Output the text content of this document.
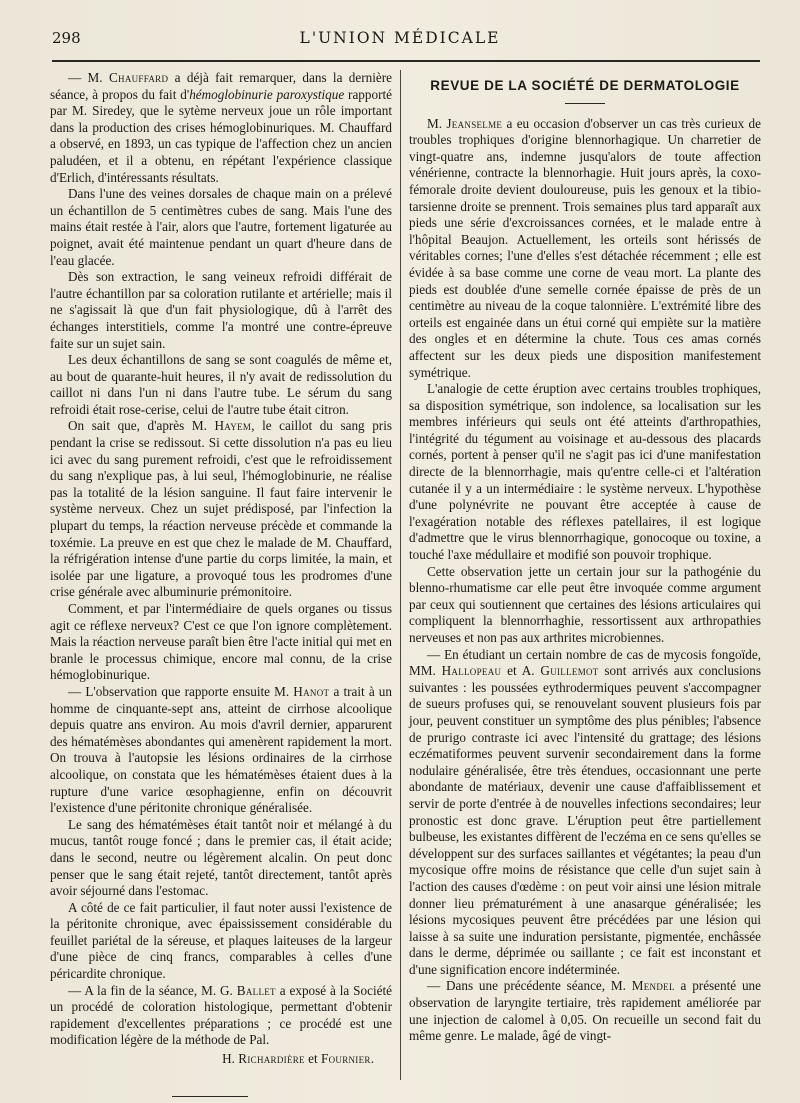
298	L'UNION MÉDICALE

— M. Chauffard a déjà fait remarquer, dans la dernière séance, à propos du fait d'hémoglobinurie paroxystique rapporté par M. Siredey, que le sytème nerveux joue un rôle important dans la production des crises hémoglobinuriques. M. Chauffard a observé, en 1893, un cas typique de l'affection chez un ancien paludéen, et il a obtenu, en répétant l'expérience classique d'Erlich, d'intéressants résultats.

Dans l'une des veines dorsales de chaque main on a prélevé un échantillon de 5 centimètres cubes de sang. Mais l'une des mains était restée à l'air, alors que l'autre, fortement ligaturée au poignet, avait été maintenue pendant un quart d'heure dans de l'eau glacée.

Dès son extraction, le sang veineux refroidi différait de l'autre échantillon par sa coloration rutilante et artérielle; mais il ne s'agissait là que d'un fait physiologique, dû à l'arrêt des échanges interstitiels, comme l'a montré une contre-épreuve faite sur un sujet sain.

Les deux échantillons de sang se sont coagulés de même et, au bout de quarante-huit heures, il n'y avait de redissolution du caillot ni dans l'un ni dans l'autre tube. Le sérum du sang refroidi était rose-cerise, celui de l'autre tube était citron.

On sait que, d'après M. Hayem, le caillot du sang pris pendant la crise se redissout. Si cette dissolution n'a pas eu lieu ici avec du sang purement refroidi, c'est que le refroidissement du sang n'explique pas, à lui seul, l'hémoglobinurie, ne réalise pas la totalité de la lésion sanguine. Il faut faire intervenir le système nerveux. Chez un sujet prédisposé, par l'infection la plupart du temps, la réaction nerveuse précède et commande la toxémie. La preuve en est que chez le malade de M. Chauffard, la réfrigération intense d'une partie du corps limitée, la main, et isolée par une ligature, a provoqué tous les prodromes d'une crise générale avec albuminurie prémonitoire.

Comment, et par l'intermédiaire de quels organes ou tissus agit ce réflexe nerveux? C'est ce que l'on ignore complètement. Mais la réaction nerveuse paraît bien être l'acte initial qui met en branle le processus chimique, encore mal connu, de la crise hémoglobinurique.

— L'observation que rapporte ensuite M. Hanot a trait à un homme de cinquante-sept ans, atteint de cirrhose alcoolique depuis quatre ans environ. Au mois d'avril dernier, apparurent des hématémèses abondantes qui amenèrent rapidement la mort. On trouva à l'autopsie les lésions ordinaires de la cirrhose alcoolique, on constata que les hématémèses étaient dues à la rupture d'une varice œsophagienne, enfin on découvrit l'existence d'une péritonite chronique généralisée.

Le sang des hématémèses était tantôt noir et mélangé à du mucus, tantôt rouge foncé ; dans le premier cas, il était acide; dans le second, neutre ou légèrement alcalin. On peut donc penser que le sang était rejeté, tantôt directement, tantôt après avoir séjourné dans l'estomac.

A côté de ce fait particulier, il faut noter aussi l'existence de la péritonite chronique, avec épaississement considérable du feuillet pariétal de la séreuse, et plaques laiteuses de la largeur d'une pièce de cinq francs, comparables à celles d'une péricardite chronique.

— A la fin de la séance, M. G. Ballet a exposé à la Société un procédé de coloration histologique, permettant d'obtenir rapidement d'excellentes préparations ; ce procédé est une modification légère de la méthode de Pal.

H. Richardière et Fournier.

REVUE DE LA SOCIÉTÉ DE DERMATOLOGIE

M. Jeanselme a eu occasion d'observer un cas très curieux de troubles trophiques d'origine blennorhagique. Un charretier de vingt-quatre ans, indemne jusqu'alors de toute affection vénérienne, contracte la blennorhagie. Huit jours après, la coxo-fémorale droite devient douloureuse, puis les genoux et la tibio-tarsienne droite se prennent. Trois semaines plus tard apparaît aux pieds une série d'excroissances cornées, et le malade entre à l'hôpital Beaujon. Actuellement, les orteils sont hérissés de véritables cornes; l'une d'elles s'est détachée récemment ; elle est évidée à sa base comme une corne de veau mort. La plante des pieds est doublée d'une semelle cornée épaisse de près de un centimètre au niveau de la coque talonnière. L'extrémité libre des orteils est engainée dans un étui corné qui empiète sur la matière des ongles et en détermine la chute. Tous ces amas cornés affectent sur les deux pieds une disposition manifestement symétrique.

L'analogie de cette éruption avec certains troubles trophiques, sa disposition symétrique, son indolence, sa localisation sur les membres inférieurs qui seuls ont été atteints d'arthropathies, l'intégrité du tégument au voisinage et au-dessous des placards cornés, portent à penser qu'il ne s'agit pas ici d'une manifestation directe de la blennorrhagie, mais qu'entre celle-ci et l'altération cutanée il y a un intermédiaire : le système nerveux. L'hypothèse d'une polynévrite ne pouvant être acceptée à cause de l'exagération notable des réflexes patellaires, il est logique d'admettre que le virus blennorrhagique, gonocoque ou toxine, a touché l'axe médullaire et modifié son pouvoir trophique.

Cette observation jette un certain jour sur la pathogénie du blenno-rhumatisme car elle peut être invoquée comme argument par ceux qui soutiennent que certaines des lésions articulaires qui compliquent la blennorrhaghie, ressortissent aux arthropathies nerveuses et non pas aux arthrites microbiennes.

— En étudiant un certain nombre de cas de mycosis fongoïde, MM. Hallopeau et A. Guillemot sont arrivés aux conclusions suivantes : les poussées eythrodermiques peuvent s'accompagner de sueurs profuses qui, se renouvelant souvent plusieurs fois par jour, peuvent constituer un symptôme des plus pénibles; l'absence de prurigo contraste ici avec l'intensité du grattage; des lésions eczématiformes peuvent survenir secondairement dans la forme nodulaire généralisée, être très étendues, occasionnant une perte abondante de matériaux, devenir une cause d'affaiblissement et servir de porte d'entrée à de nouvelles infections secondaires; leur pronostic est donc grave. L'éruption peut être partiellement bulbeuse, les existantes diffèrent de l'eczéma en ce sens qu'elles se développent sur des surfaces saillantes et végétantes; la peau d'un mycosique offre moins de résistance que celle d'un sujet sain à l'action des causes d'œdème : on peut voir ainsi une lésion mitrale donner lieu prématurément à une anasarque généralisée; les lésions mycosiques peuvent être précédées par une lésion qui laisse à sa suite une induration persistante, pigmentée, enchâssée dans le derme, déprimée ou saillante ; ce fait est inconstant et d'une signification encore indéterminée.

— Dans une précédente séance, M. Mendel a présenté une observation de laryngite tertiaire, très rapidement améliorée par une injection de calomel à 0,05. On recueille un second fait du même genre. Le malade, âgé de vingt-
